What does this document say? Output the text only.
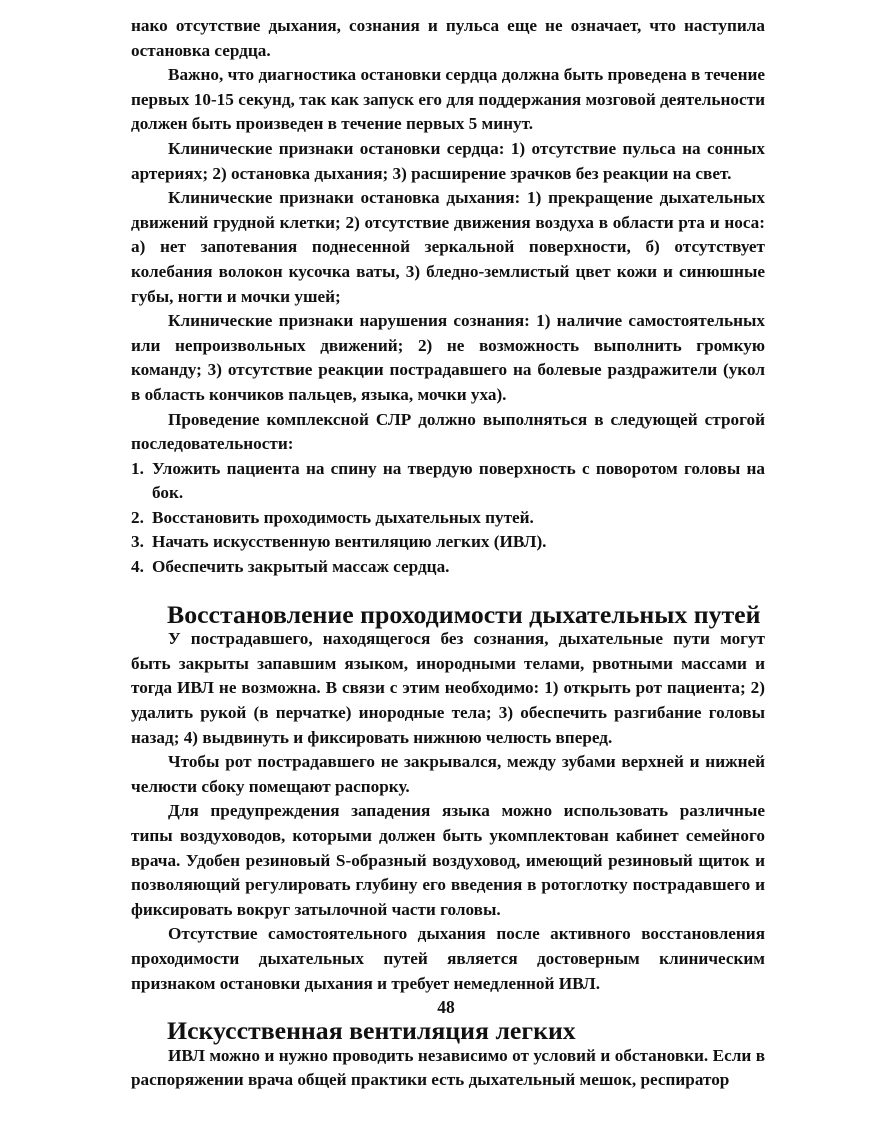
нако отсутствие дыхания, сознания и пульса еще не означает, что наступила остановка сердца.

Важно, что диагностика остановки сердца должна быть проведена в течение первых 10-15 секунд, так как запуск его для поддержания мозговой деятельности должен быть произведен в течение первых 5 минут.

Клинические признаки остановки сердца: 1) отсутствие пульса на сонных артериях; 2) остановка дыхания; 3) расширение зрачков без реакции на свет.

Клинические признаки остановка дыхания: 1) прекращение дыхательных движений грудной клетки; 2) отсутствие движения воздуха в области рта и носа: а) нет запотевания поднесенной зеркальной поверхности, б) отсутствует колебания волокон кусочка ваты, 3) бледно-землистый цвет кожи и синюшные губы, ногти и мочки ушей;

Клинические признаки нарушения сознания: 1) наличие самостоятельных или непроизвольных движений; 2) не возможность выполнить громкую команду; 3) отсутствие реакции пострадавшего на болевые раздражители (укол в область кончиков пальцев, языка, мочки уха).

Проведение комплексной СЛР должно выполняться в следующей строгой последовательности:

1. Уложить пациента на спину на твердую поверхность с поворотом головы на бок.
2. Восстановить проходимость дыхательных путей.
3. Начать искусственную вентиляцию легких (ИВЛ).
4. Обеспечить закрытый массаж сердца.
Восстановление проходимости дыхательных путей

У пострадавшего, находящегося без сознания, дыхательные пути могут быть закрыты запавшим языком, инородными телами, рвотными массами и тогда ИВЛ не возможна. В связи с этим необходимо: 1) открыть рот пациента; 2) удалить рукой (в перчатке) инородные тела; 3) обеспечить разгибание головы назад; 4) выдвинуть и фиксировать нижнюю челюсть вперед.

Чтобы рот пострадавшего не закрывался, между зубами верхней и нижней челюсти сбоку помещают распорку.

Для предупреждения западения языка можно использовать различные типы воздуховодов, которыми должен быть укомплектован кабинет семейного врача. Удобен резиновый S-образный воздуховод, имеющий резиновый щиток и позволяющий регулировать глубину его введения в ротоглотку пострадавшего и фиксировать вокруг затылочной части головы.

Отсутствие самостоятельного дыхания после активного восстановления проходимости дыхательных путей является достоверным клиническим признаком остановки дыхания и требует немедленной ИВЛ.

Искусственная вентиляция легких

ИВЛ можно и нужно проводить независимо от условий и обстановки. Если в распоряжении врача общей практики есть дыхательный мешок, респиратор

48
